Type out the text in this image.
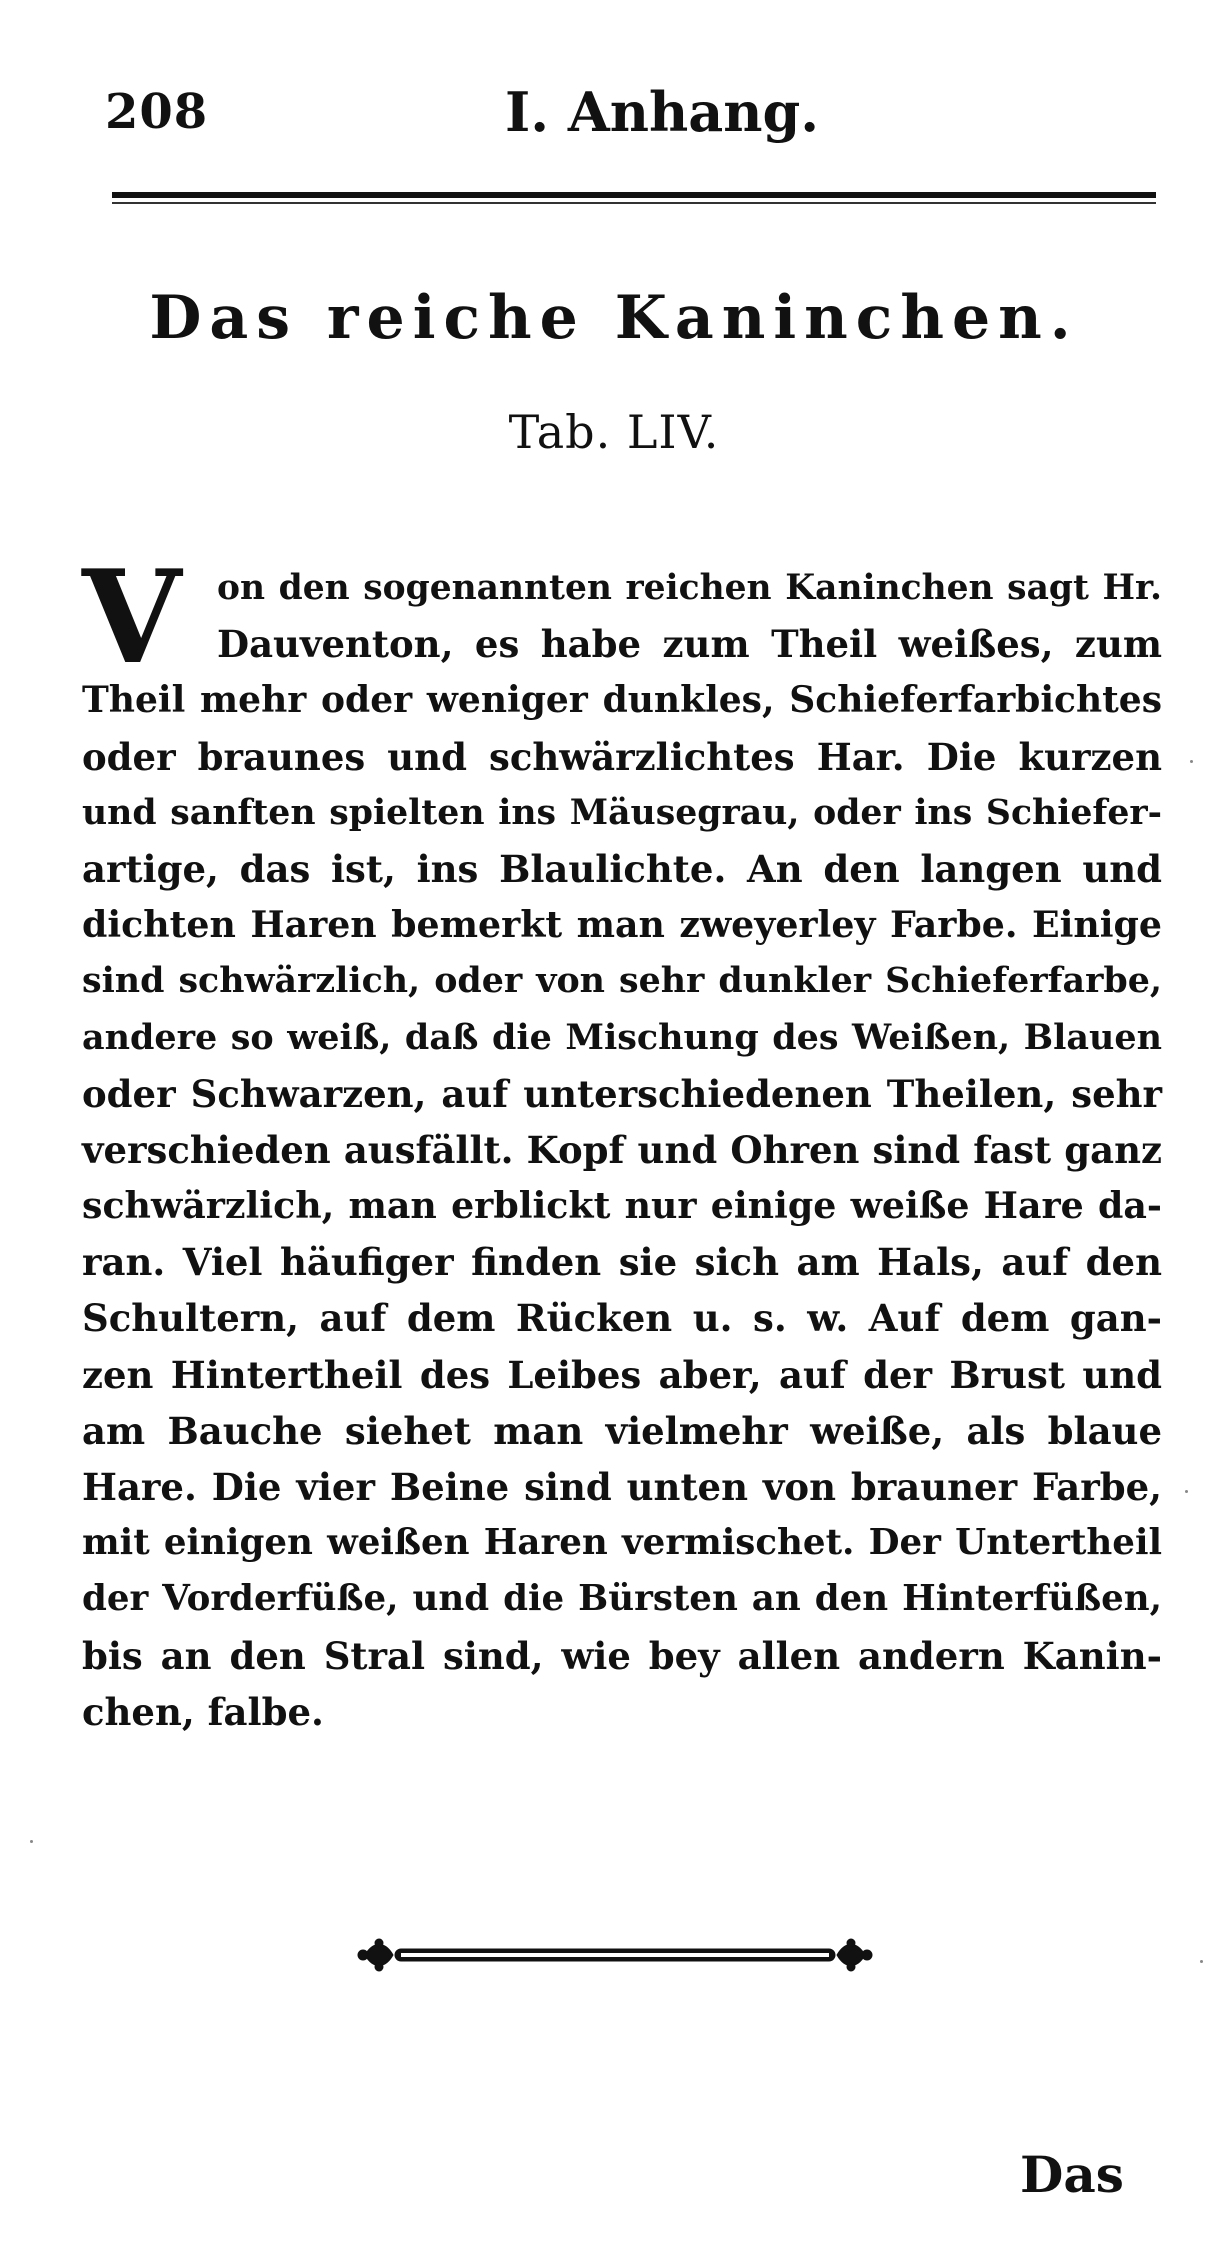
208	I. Anhang.
Das reiche Kaninchen.
Tab. LIV.
V	on den sogenannten reichen Kaninchen sagt Hr.
Dauventon, es habe zum Theil weißes, zum
Theil mehr oder weniger dunkles, Schieferfarbichtes
oder braunes und schwärzlichtes Har. Die kurzen
und sanften spielten ins Mäusegrau, oder ins Schiefer-
artige, das ist, ins Blaulichte. An den langen und
dichten Haren bemerkt man zweyerley Farbe. Einige
sind schwärzlich, oder von sehr dunkler Schieferfarbe,
andere so weiß, daß die Mischung des Weißen, Blauen
oder Schwarzen, auf unterschiedenen Theilen, sehr
verschieden ausfällt. Kopf und Ohren sind fast ganz
schwärzlich, man erblickt nur einige weiße Hare da-
ran. Viel häufiger finden sie sich am Hals, auf den
Schultern, auf dem Rücken u. s. w. Auf dem gan-
zen Hintertheil des Leibes aber, auf der Brust und
am Bauche siehet man vielmehr weiße, als blaue
Hare. Die vier Beine sind unten von brauner Farbe,
mit einigen weißen Haren vermischet. Der Untertheil
der Vorderfüße, und die Bürsten an den Hinterfüßen,
bis an den Stral sind, wie bey allen andern Kanin-
chen, falbe.
Das
